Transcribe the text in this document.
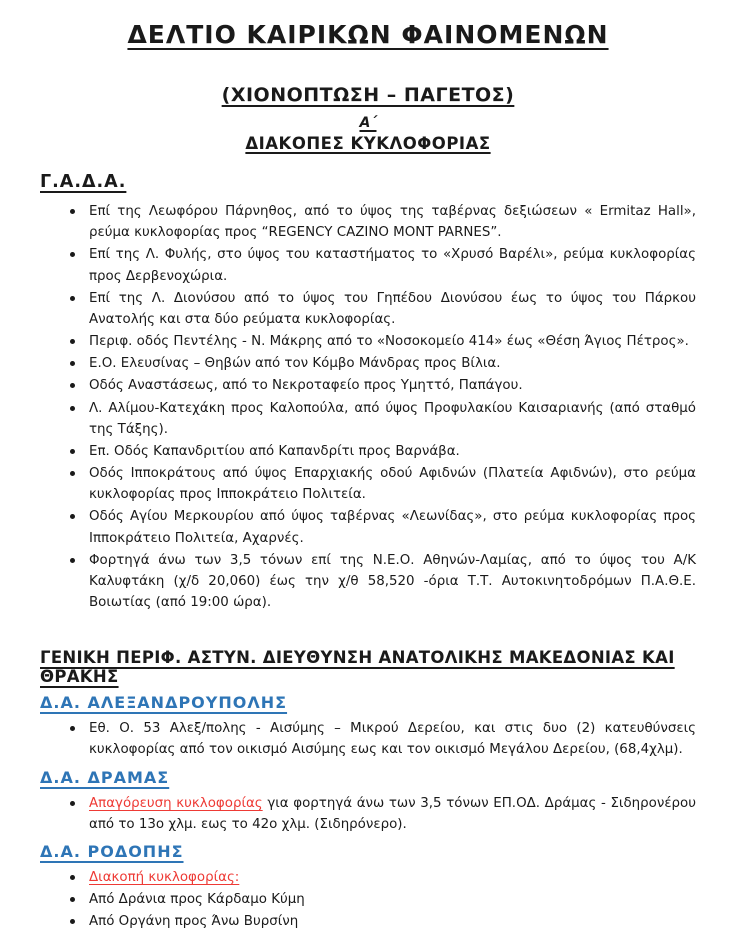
ΔΕΛΤΙΟ ΚΑΙΡΙΚΩΝ ΦΑΙΝΟΜΕΝΩΝ
(ΧΙΟΝΟΠΤΩΣΗ – ΠΑΓΕΤΟΣ)
Α΄
ΔΙΑΚΟΠΕΣ ΚΥΚΛΟΦΟΡΙΑΣ
Γ.Α.Δ.Α.
Επί της Λεωφόρου Πάρνηθος, από το ύψος της ταβέρνας δεξιώσεων « Ermitaz Hall», ρεύμα κυκλοφορίας προς “REGENCY CAZINO MONT PARNES”.
Επί της Λ. Φυλής, στο ύψος του καταστήματος το «Χρυσό Βαρέλι», ρεύμα κυκλοφορίας προς Δερβενοχώρια.
Επί της Λ. Διονύσου από το ύψος του Γηπέδου Διονύσου έως το ύψος του Πάρκου Ανατολής και στα δύο ρεύματα κυκλοφορίας.
Περιφ. οδός Πεντέλης - Ν. Μάκρης από το «Νοσοκομείο 414» έως «Θέση Άγιος Πέτρος».
Ε.Ο. Ελευσίνας – Θηβών από τον Κόμβο Μάνδρας προς Βίλια.
Οδός Αναστάσεως, από το Νεκροταφείο προς Υμηττό, Παπάγου.
Λ. Αλίμου-Κατεχάκη προς Καλοπούλα, από ύψος Προφυλακίου Καισαριανής (από σταθμό της Τάξης).
Επ. Οδός Καπανδριτίου από Καπανδρίτι προς Βαρνάβα.
Οδός Ιπποκράτους από ύψος Επαρχιακής οδού Αφιδνών (Πλατεία Αφιδνών), στο ρεύμα κυκλοφορίας προς Ιπποκράτειο Πολιτεία.
Οδός Αγίου Μερκουρίου από ύψος ταβέρνας «Λεωνίδας», στο ρεύμα κυκλοφορίας προς Ιπποκράτειο Πολιτεία, Αχαρνές.
Φορτηγά άνω των 3,5 τόνων επί της Ν.Ε.Ο. Αθηνών-Λαμίας, από το ύψος του Α/Κ Καλυφτάκη (χ/δ 20,060) έως την χ/θ 58,520 -όρια Τ.Τ. Αυτοκινητοδρόμων Π.Α.Θ.Ε. Βοιωτίας (από 19:00 ώρα).
ΓΕΝΙΚΗ ΠΕΡΙΦ. ΑΣΤΥΝ. ΔΙΕΥΘΥΝΣΗ ΑΝΑΤΟΛΙΚΗΣ ΜΑΚΕΔΟΝΙΑΣ ΚΑΙ ΘΡΑΚΗΣ
Δ.Α. ΑΛΕΞΑΝΔΡΟΥΠΟΛΗΣ
Εθ. Ο. 53 Αλεξ/πολης - Αισύμης – Μικρού Δερείου, και στις δυο (2) κατευθύνσεις κυκλοφορίας από τον οικισμό Αισύμης εως και τον οικισμό Μεγάλου Δερείου, (68,4χλμ).
Δ.Α. ΔΡΑΜΑΣ
Απαγόρευση κυκλοφορίας για φορτηγά άνω των 3,5 τόνων ΕΠ.ΟΔ. Δράμας - Σιδηρονέρου από το 13ο χλμ. εως το 42ο χλμ. (Σιδηρόνερο).
Δ.Α. ΡΟΔΟΠΗΣ
Διακοπή κυκλοφορίας:
Από Δράνια προς Κάρδαμο Κύμη
Από Οργάνη προς Άνω Βυρσίνη
